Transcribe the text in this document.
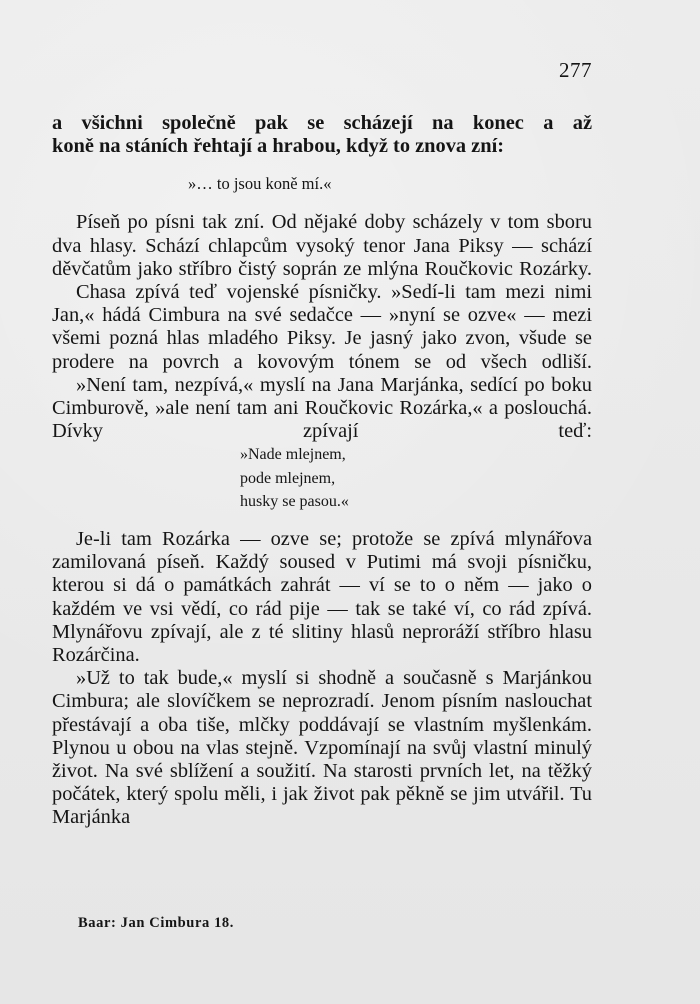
277

a všichni společně pak se scházejí na konec a až

koně na stáních řehtají a hrabou, když to znova zní:

»… to jsou koně mí.«

Píseň po písni tak zní. Od nějaké doby scházely v tom sboru dva hlasy. Schází chlapcům vysoký tenor Jana Piksy — schází děvčatům jako stříbro čistý soprán ze mlýna Roučkovic Rozárky.

Chasa zpívá teď vojenské písničky. »Sedí-li tam mezi nimi Jan,« hádá Cimbura na své sedačce — »nyní se ozve« — mezi všemi pozná hlas mladého Piksy. Je jasný jako zvon, všude se prodere na povrch a kovovým tónem se od všech odliší.

»Není tam, nezpívá,« myslí na Jana Marjánka, sedící po boku Cimburově, »ale není tam ani Roučkovic Rozárka,« a poslouchá. Dívky zpívají teď:

»Nade mlejnem,
pode mlejnem,
husky se pasou.«

Je-li tam Rozárka — ozve se; protože se zpívá mlynářova zamilovaná píseň. Každý soused v Putimi má svoji písničku, kterou si dá o památkách zahrát — ví se to o něm — jako o každém ve vsi vědí, co rád pije — tak se také ví, co rád zpívá. Mlynářovu zpívají, ale z té slitiny hlasů neproráží stříbro hlasu Rozárčina.

»Už to tak bude,« myslí si shodně a současně s Marjánkou Cimbura; ale slovíčkem se neprozradí. Jenom písním naslouchat přestávají a oba tiše, mlčky poddávají se vlastním myšlenkám. Plynou u obou na vlas stejně. Vzpomínají na svůj vlastní minulý život. Na své sblížení a soužití. Na starosti prvních let, na těžký počátek, který spolu měli, i jak život pak pěkně se jim utvářil. Tu Marjánka

Baar: Jan Cimbura 18.
